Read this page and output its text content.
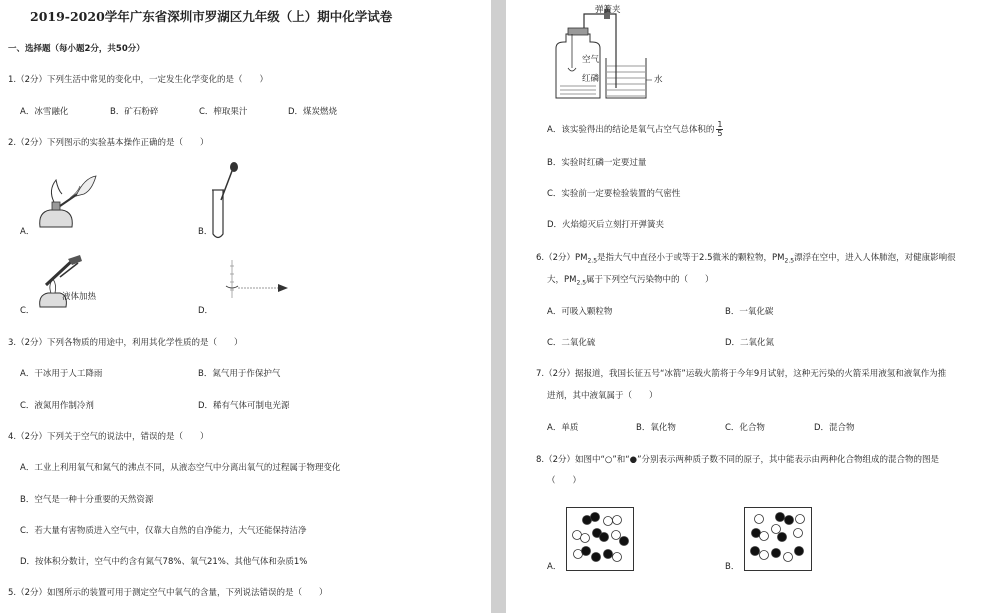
2019-2020学年广东省深圳市罗湖区九年级（上）期中化学试卷
一、选择题（每小题2分，共50分）
1.（2分）下列生活中常见的变化中，一定发生化学变化的是（　　）
A．冰雪融化	B．矿石粉碎	C．榨取果汁	D．煤炭燃烧
2.（2分）下列图示的实验基本操作正确的是（　　）
A．	B．
液体加热
C．	D．
3.（2分）下列各物质的用途中，利用其化学性质的是（　　）
A．干冰用于人工降雨	B．氮气用于作保护气
C．液氮用作制冷剂	D．稀有气体可制电光源
4.（2分）下列关于空气的说法中，错误的是（　　）
A．工业上利用氧气和氮气的沸点不同，从液态空气中分离出氧气的过程属于物理变化
B．空气是一种十分重要的天然资源
C．若大量有害物质进入空气中，仅靠大自然的自净能力，大气还能保持洁净
D．按体积分数计，空气中约含有氮气78%、氧气21%、其他气体和杂质1%
5.（2分）如图所示的装置可用于测定空气中氧气的含量，下列说法错误的是（　　）
弹簧夹
空气
红磷	水
A．该实验得出的结论是氧气占空气总体积的 $\frac{1}{5}$
B．实验时红磷一定要过量
C．实验前一定要检验装置的气密性
D．火焰熄灭后立刻打开弹簧夹
6.（2分）$PM_{2.5}$是指大气中直径小于或等于2.5微米的颗粒物，$PM_{2.5}$漂浮在空中，进入人体肺泡，对健康影响很
大，$PM_{2.5}$属于下列空气污染物中的（　　）
A．可吸入颗粒物	B．一氧化碳
C．二氧化硫	D．二氧化氮
7.（2分）据报道，我国长征五号“冰箭”运载火箭将于今年9月试射，这种无污染的火箭采用液氢和液氧作为推
进剂，其中液氧属于（　　）
A．单质	B．氧化物	C．化合物	D．混合物
8.（2分）如图中“○”和“●”分别表示两种质子数不同的原子，其中能表示由两种化合物组成的混合物的图是
（　　）
A．	B．
